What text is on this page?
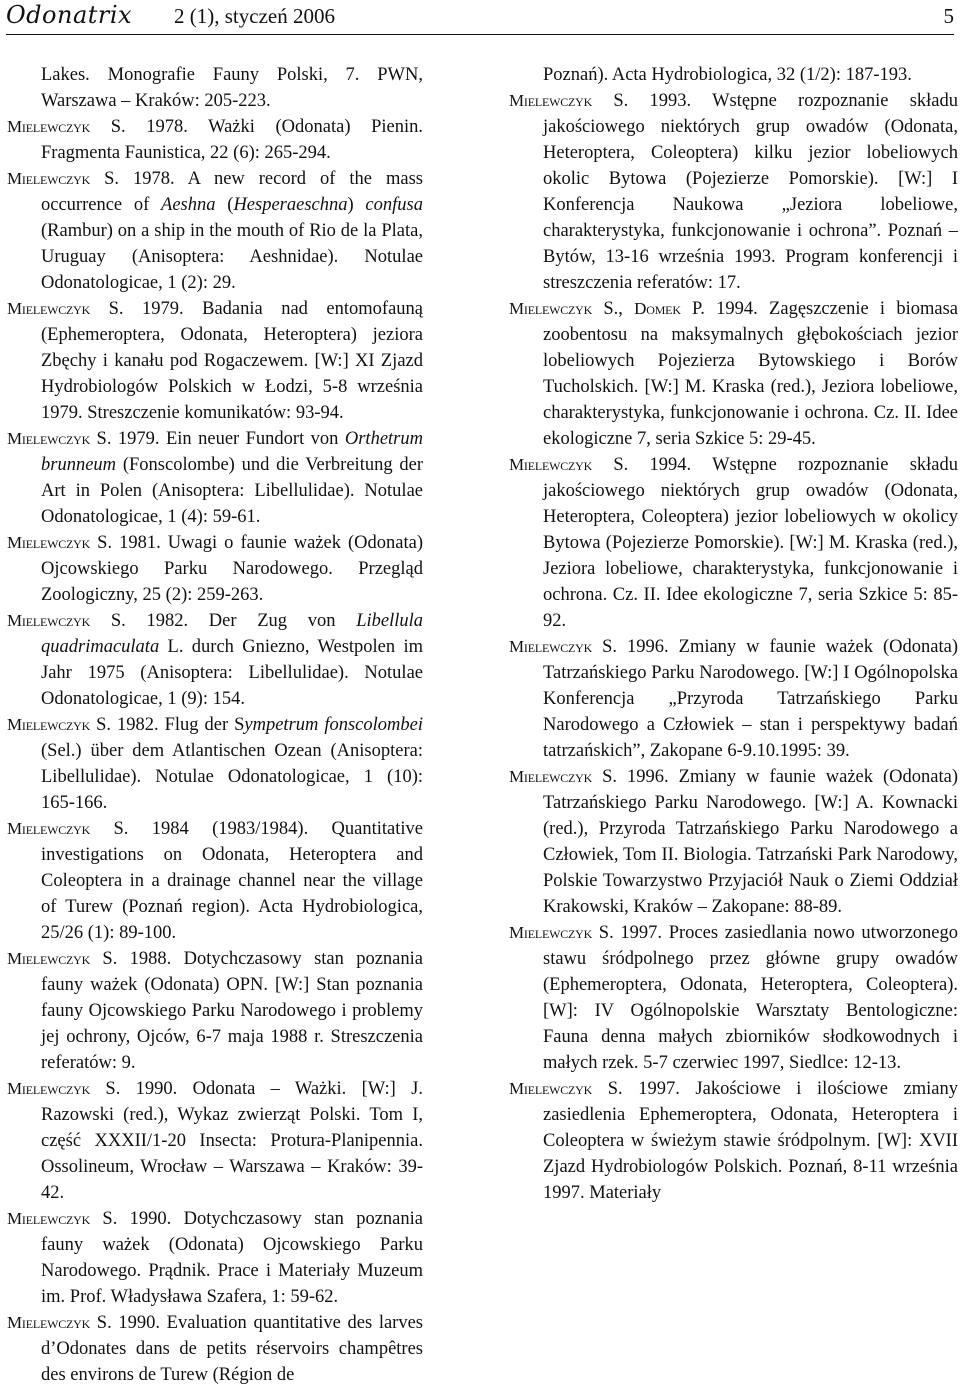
Odonatrix 2 (1), styczeń 2006	5

Lakes. Monografie Fauny Polski, 7. PWN, Warszawa – Kraków: 205-223.

Mielewczyk S. 1978. Ważki (Odonata) Pienin. Fragmenta Faunistica, 22 (6): 265-294.

Mielewczyk S. 1978. A new record of the mass occurrence of Aeshna (Hesperaeschna) confusa (Rambur) on a ship in the mouth of Rio de la Plata, Uruguay (Anisoptera: Aeshnidae). Notulae Odonatologicae, 1 (2): 29.

Mielewczyk S. 1979. Badania nad entomofauną (Ephemeroptera, Odonata, Heteroptera) jeziora Zbęchy i kanału pod Rogaczewem. [W:] XI Zjazd Hydrobiologów Polskich w Łodzi, 5-8 września 1979. Streszczenie komunikatów: 93-94.

Mielewczyk S. 1979. Ein neuer Fundort von Orthetrum brunneum (Fonscolombe) und die Verbreitung der Art in Polen (Anisoptera: Libellulidae). Notulae Odonatologicae, 1 (4): 59-61.

Mielewczyk S. 1981. Uwagi o faunie ważek (Odonata) Ojcowskiego Parku Narodowego. Przegląd Zoologiczny, 25 (2): 259-263.

Mielewczyk S. 1982. Der Zug von Libellula quadrimaculata L. durch Gniezno, Westpolen im Jahr 1975 (Anisoptera: Libellulidae). Notulae Odonatologicae, 1 (9): 154.

Mielewczyk S. 1982. Flug der Sympetrum fonscolombei (Sel.) über dem Atlantischen Ozean (Anisoptera: Libellulidae). Notulae Odonatologicae, 1 (10): 165-166.

Mielewczyk S. 1984 (1983/1984). Quantitative investigations on Odonata, Heteroptera and Coleoptera in a drainage channel near the village of Turew (Poznań region). Acta Hydrobiologica, 25/26 (1): 89-100.

Mielewczyk S. 1988. Dotychczasowy stan poznania fauny ważek (Odonata) OPN. [W:] Stan poznania fauny Ojcowskiego Parku Narodowego i problemy jej ochrony, Ojców, 6-7 maja 1988 r. Streszczenia referatów: 9.

Mielewczyk S. 1990. Odonata – Ważki. [W:] J. Razowski (red.), Wykaz zwierząt Polski. Tom I, część XXXII/1-20 Insecta: Protura-Planipennia. Ossolineum, Wrocław – Warszawa – Kraków: 39-42.

Mielewczyk S. 1990. Dotychczasowy stan poznania fauny ważek (Odonata) Ojcowskiego Parku Narodowego. Prądnik. Prace i Materiały Muzeum im. Prof. Władysława Szafera, 1: 59-62.

Mielewczyk S. 1990. Evaluation quantitative des larves d’Odonates dans de petits réservoirs champêtres des environs de Turew (Région de

Poznań). Acta Hydrobiologica, 32 (1/2): 187-193.

Mielewczyk S. 1993. Wstępne rozpoznanie składu jakościowego niektórych grup owadów (Odonata, Heteroptera, Coleoptera) kilku jezior lobeliowych okolic Bytowa (Pojezierze Pomorskie). [W:] I Konferencja Naukowa „Jeziora lobeliowe, charakterystyka, funkcjonowanie i ochrona”. Poznań – Bytów, 13-16 września 1993. Program konferencji i streszczenia referatów: 17.

Mielewczyk S., Domek P. 1994. Zagęszczenie i biomasa zoobentosu na maksymalnych głębokościach jezior lobeliowych Pojezierza Bytowskiego i Borów Tucholskich. [W:] M. Kraska (red.), Jeziora lobeliowe, charakterystyka, funkcjonowanie i ochrona. Cz. II. Idee ekologiczne 7, seria Szkice 5: 29-45.

Mielewczyk S. 1994. Wstępne rozpoznanie składu jakościowego niektórych grup owadów (Odonata, Heteroptera, Coleoptera) jezior lobeliowych w okolicy Bytowa (Pojezierze Pomorskie). [W:] M. Kraska (red.), Jeziora lobeliowe, charakterystyka, funkcjonowanie i ochrona. Cz. II. Idee ekologiczne 7, seria Szkice 5: 85-92.

Mielewczyk S. 1996. Zmiany w faunie ważek (Odonata) Tatrzańskiego Parku Narodowego. [W:] I Ogólnopolska Konferencja „Przyroda Tatrzańskiego Parku Narodowego a Człowiek – stan i perspektywy badań tatrzańskich”, Zakopane 6-9.10.1995: 39.

Mielewczyk S. 1996. Zmiany w faunie ważek (Odonata) Tatrzańskiego Parku Narodowego. [W:] A. Kownacki (red.), Przyroda Tatrzańskiego Parku Narodowego a Człowiek, Tom II. Biologia. Tatrzański Park Narodowy, Polskie Towarzystwo Przyjaciół Nauk o Ziemi Oddział Krakowski, Kraków – Zakopane: 88-89.

Mielewczyk S. 1997. Proces zasiedlania nowo utworzonego stawu śródpolnego przez główne grupy owadów (Ephemeroptera, Odonata, Heteroptera, Coleoptera). [W]: IV Ogólnopolskie Warsztaty Bentologiczne: Fauna denna małych zbiorników słodkowodnych i małych rzek. 5-7 czerwiec 1997, Siedlce: 12-13.

Mielewczyk S. 1997. Jakościowe i ilościowe zmiany zasiedlenia Ephemeroptera, Odonata, Heteroptera i Coleoptera w świeżym stawie śródpolnym. [W]: XVII Zjazd Hydrobiologów Polskich. Poznań, 8-11 września 1997. Materiały
